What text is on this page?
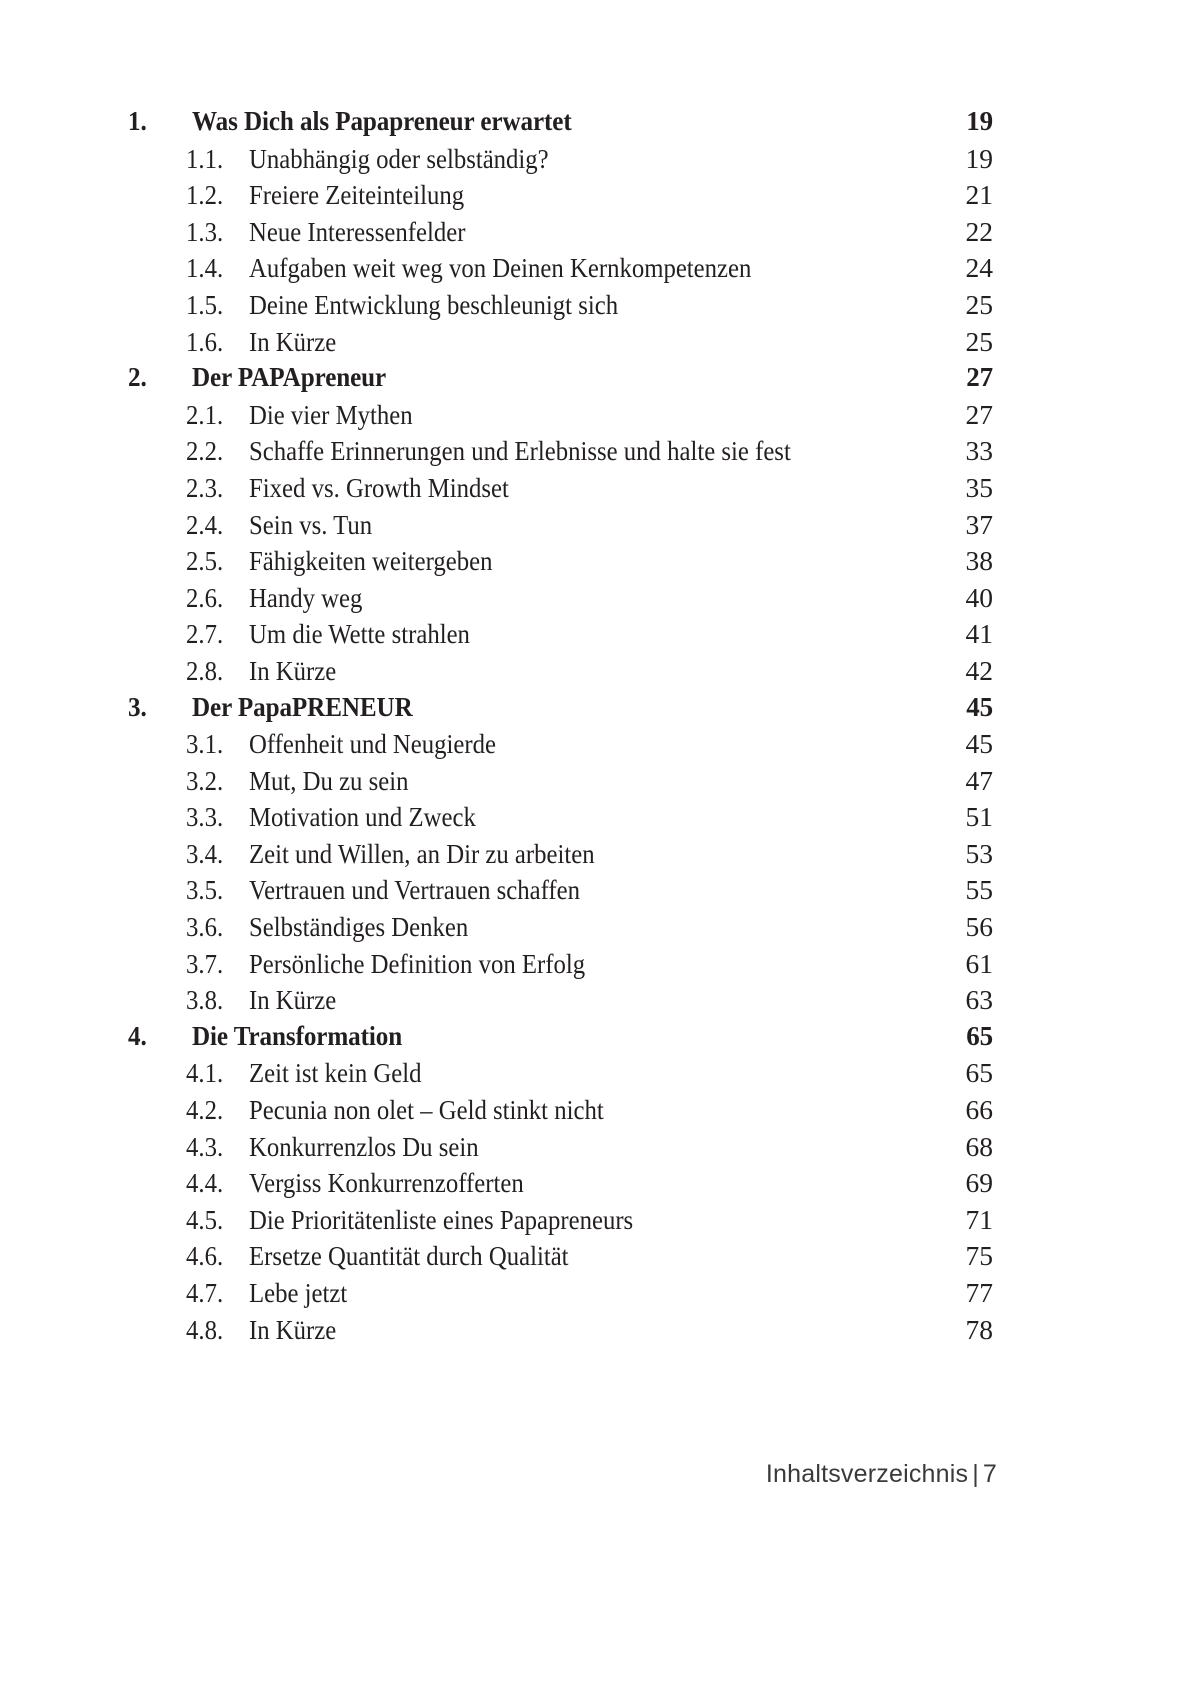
1.	Was Dich als Papapreneur erwartet	19
1.1. Unabhängig oder selbständig?	19
1.2. Freiere Zeiteinteilung	21
1.3. Neue Interessenfelder	22
1.4. Aufgaben weit weg von Deinen Kernkompetenzen	24
1.5. Deine Entwicklung beschleunigt sich	25
1.6. In Kürze	25
2.	Der PAPApreneur	27
2.1. Die vier Mythen	27
2.2. Schaffe Erinnerungen und Erlebnisse und halte sie fest	33
2.3. Fixed vs. Growth Mindset	35
2.4. Sein vs. Tun	37
2.5. Fähigkeiten weitergeben	38
2.6. Handy weg	40
2.7. Um die Wette strahlen	41
2.8. In Kürze	42
3.	Der PapaPRENEUR	45
3.1. Offenheit und Neugierde	45
3.2. Mut, Du zu sein	47
3.3. Motivation und Zweck	51
3.4. Zeit und Willen, an Dir zu arbeiten	53
3.5. Vertrauen und Vertrauen schaffen	55
3.6. Selbständiges Denken	56
3.7. Persönliche Definition von Erfolg	61
3.8. In Kürze	63
4.	Die Transformation	65
4.1. Zeit ist kein Geld	65
4.2. Pecunia non olet – Geld stinkt nicht	66
4.3. Konkurrenzlos Du sein	68
4.4. Vergiss Konkurrenzofferten	69
4.5. Die Prioritätenliste eines Papapreneurs	71
4.6. Ersetze Quantität durch Qualität	75
4.7. Lebe jetzt	77
4.8. In Kürze	78
Inhaltsverzeichnis | 7
